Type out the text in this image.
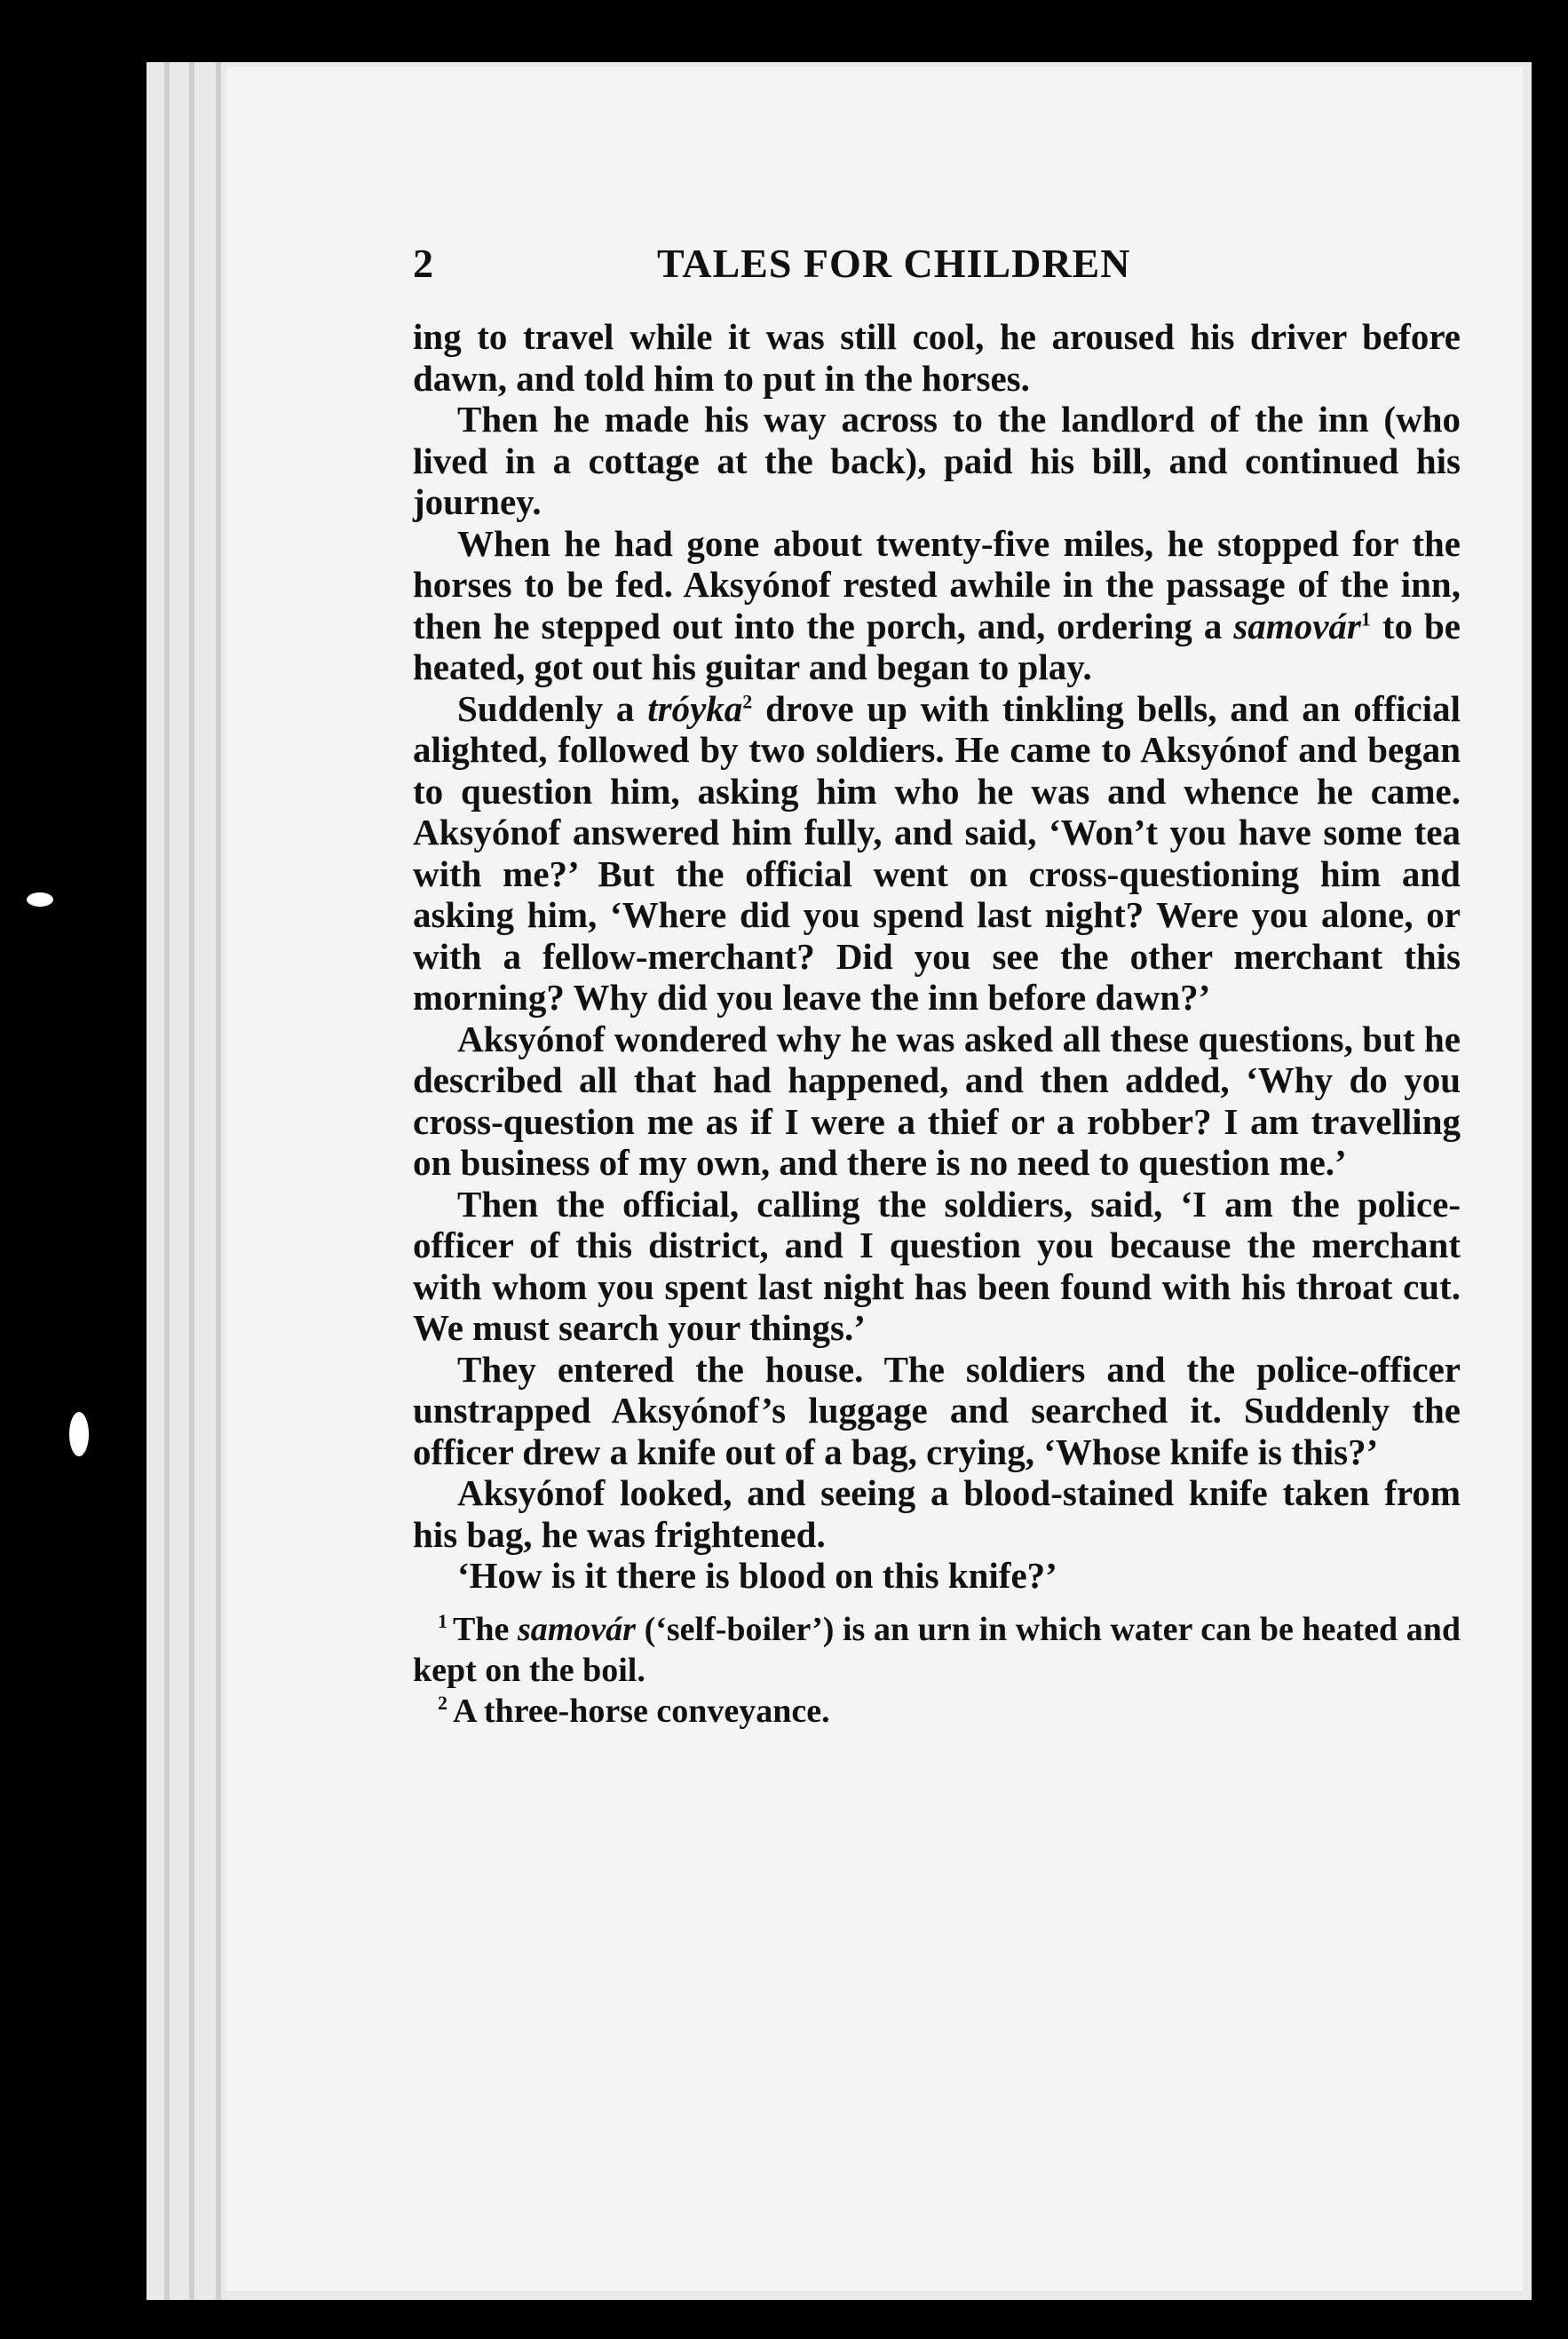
2	TALES FOR CHILDREN

ing to travel while it was still cool, he aroused his driver before dawn, and told him to put in the horses.

Then he made his way across to the landlord of the inn (who lived in a cottage at the back), paid his bill, and continued his journey.

When he had gone about twenty-five miles, he stopped for the horses to be fed. Aksyónof rested awhile in the passage of the inn, then he stepped out into the porch, and, ordering a samovár$^1$ to be heated, got out his guitar and began to play.

Suddenly a tróyka$^2$ drove up with tinkling bells, and an official alighted, followed by two soldiers. He came to Aksyónof and began to question him, asking him who he was and whence he came. Aksyónof answered him fully, and said, ‘Won’t you have some tea with me?’ But the official went on cross-questioning him and asking him, ‘Where did you spend last night? Were you alone, or with a fellow-merchant? Did you see the other merchant this morning? Why did you leave the inn before dawn?’

Aksyónof wondered why he was asked all these questions, but he described all that had happened, and then added, ‘Why do you cross-question me as if I were a thief or a robber? I am travelling on business of my own, and there is no need to question me.’

Then the official, calling the soldiers, said, ‘I am the police-officer of this district, and I question you because the merchant with whom you spent last night has been found with his throat cut. We must search your things.’

They entered the house. The soldiers and the police-officer unstrapped Aksyónof’s luggage and searched it. Suddenly the officer drew a knife out of a bag, crying, ‘Whose knife is this?’

Aksyónof looked, and seeing a blood-stained knife taken from his bag, he was frightened.

‘How is it there is blood on this knife?’

$^1$ The samovár (‘self-boiler’) is an urn in which water can be heated and kept on the boil.

$^2$ A three-horse conveyance.
